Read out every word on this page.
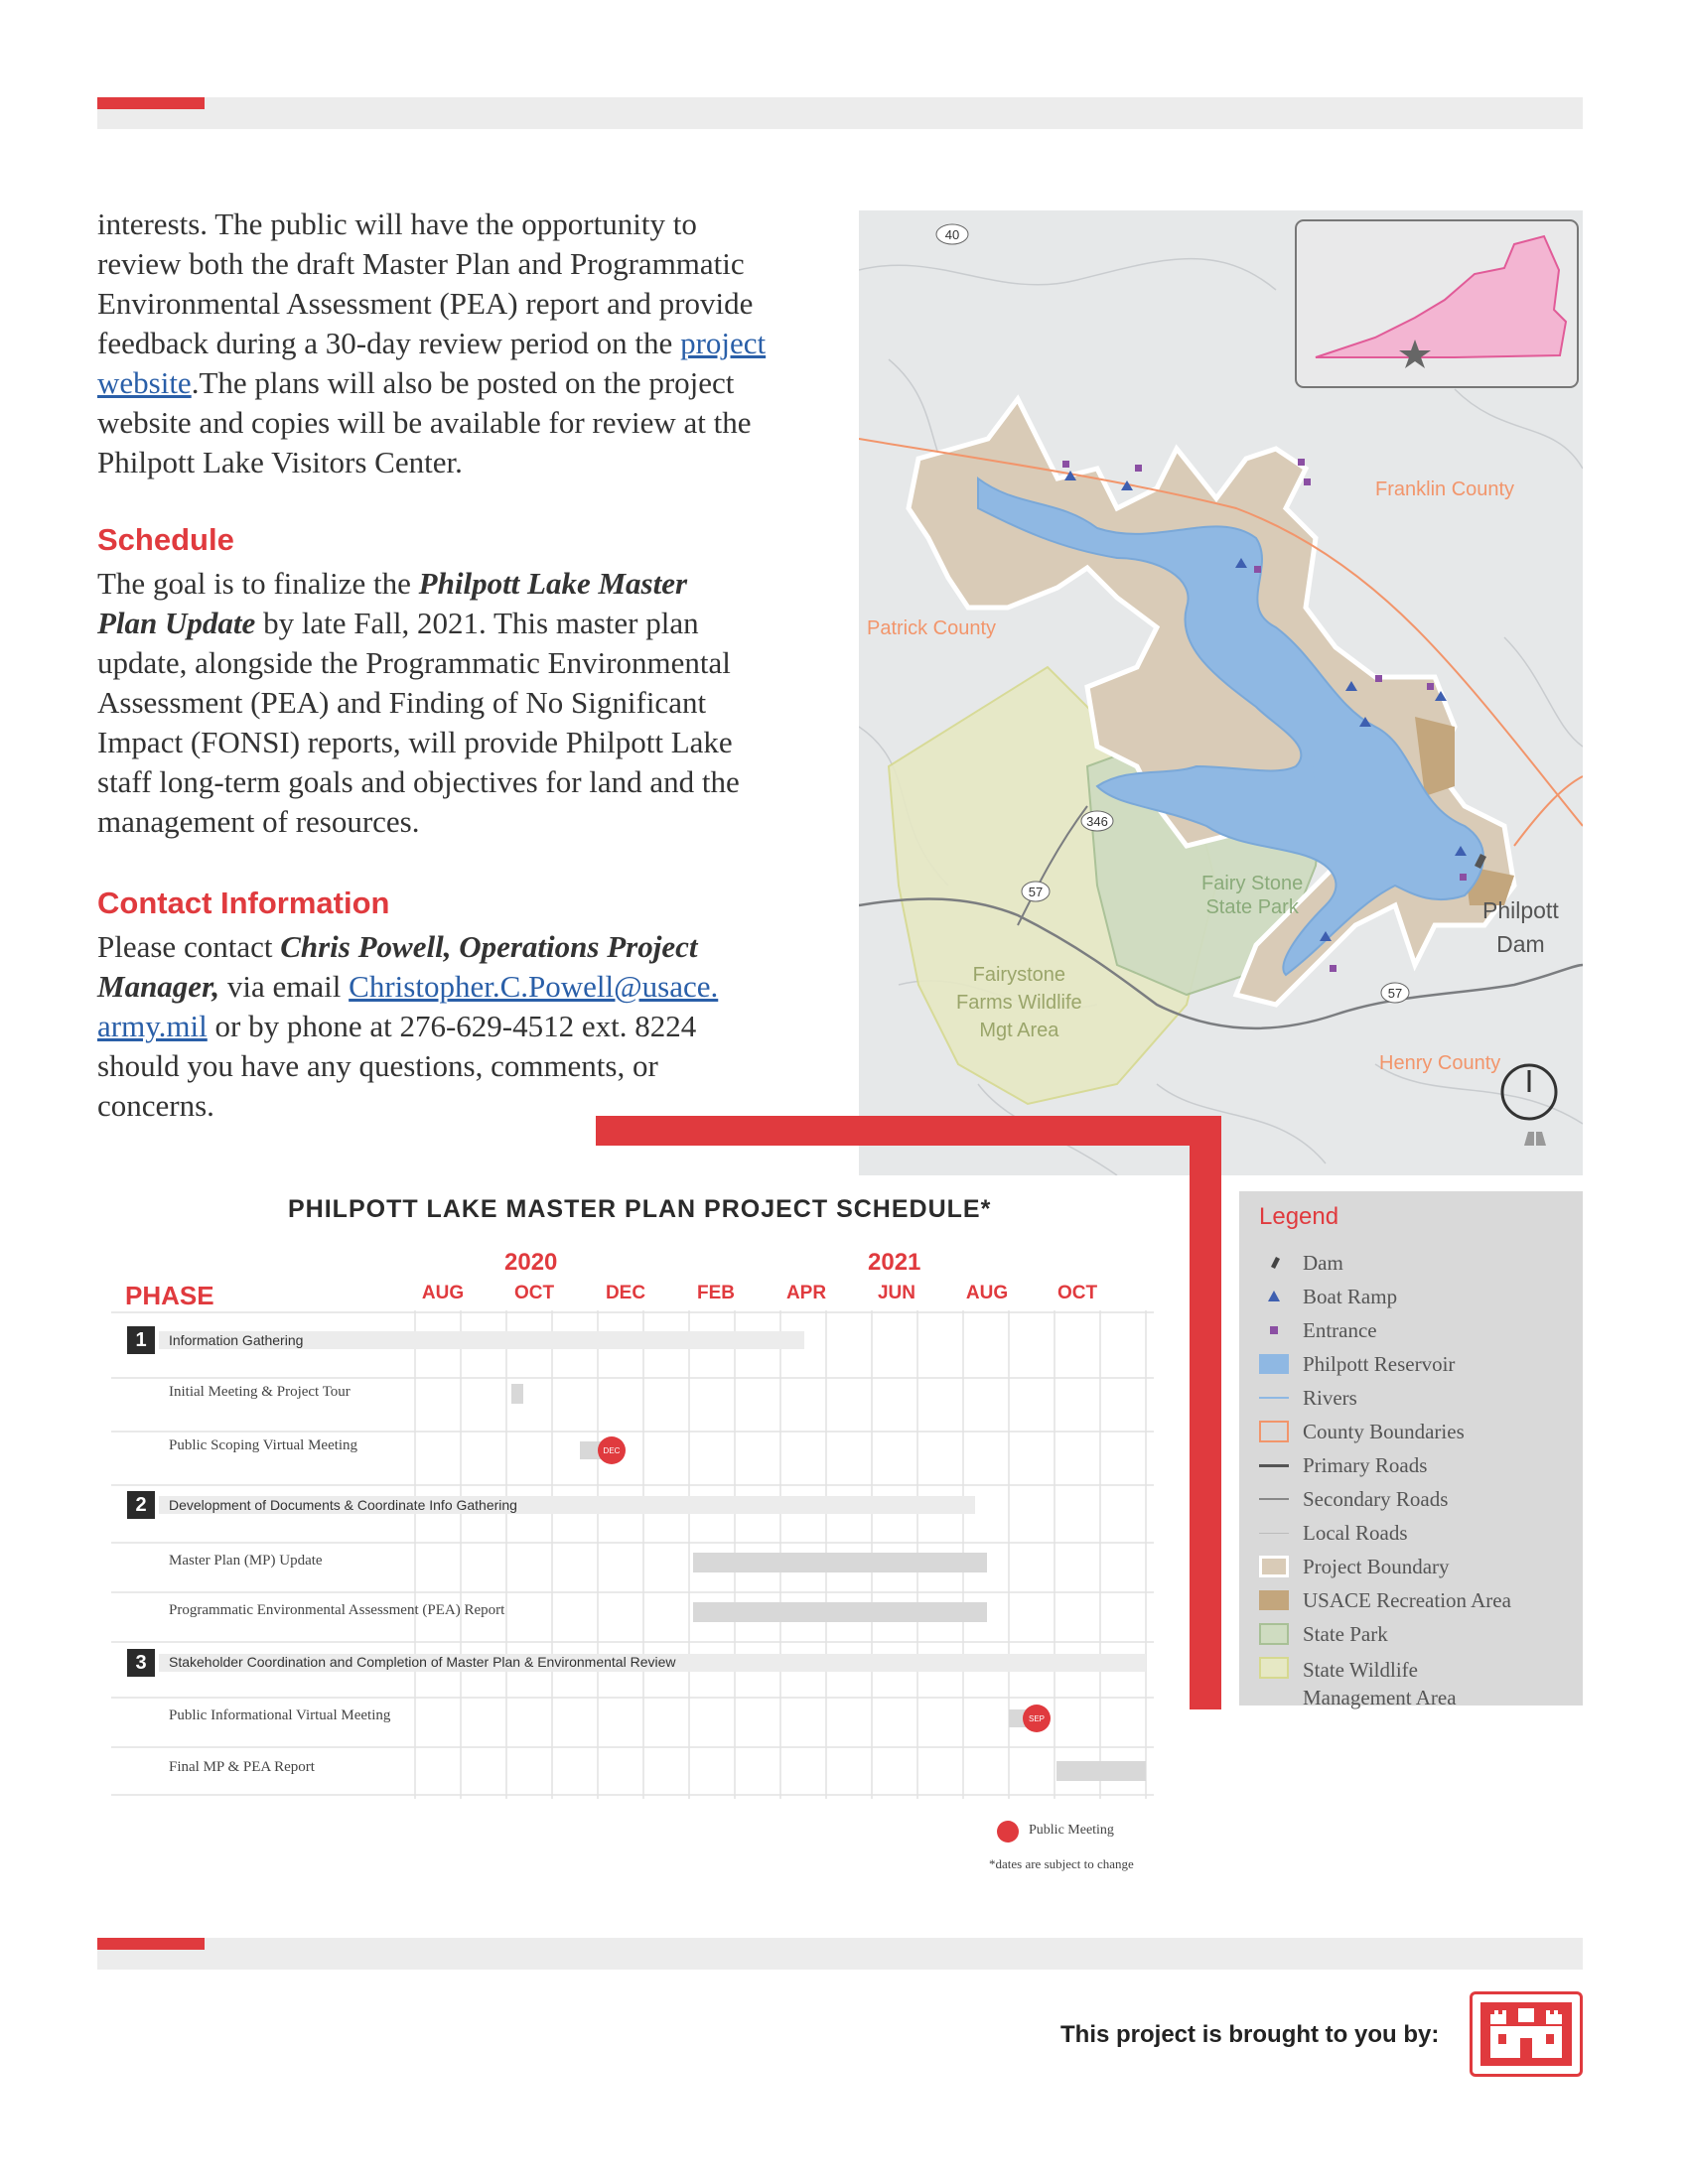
interests. The public will have the opportunity to
review both the draft Master Plan and Programmatic
Environmental Assessment (PEA) report and provide
feedback during a 30-day review period on the project
website.The plans will also be posted on the project
website and copies will be available for review at the
Philpott Lake Visitors Center.
Schedule
The goal is to finalize the Philpott Lake Master
Plan Update by late Fall, 2021. This master plan
update, alongside the Programmatic Environmental
Assessment (PEA) and Finding of No Significant
Impact (FONSI) reports, will provide Philpott Lake
staff long-term goals and objectives for land and the
management of resources.
Contact Information
Please contact Chris Powell, Operations Project
Manager, via email Christopher.C.Powell@usace.
army.mil or by phone at 276-629-4512 ext. 8224
should you have any questions, comments, or
concerns.
40
346
57
57
Franklin County
Patrick County
Henry County
Fairy Stone
State Park
Fairystone
Farms Wildlife
Mgt Area
Philpott
Dam
Legend
Dam
Boat Ramp
Entrance
Philpott Reservoir
Rivers
County Boundaries
Primary Roads
Secondary Roads
Local Roads
Project Boundary
USACE Recreation Area
State Park
State Wildlife
Management Area
PHILPOTT LAKE MASTER PLAN PROJECT SCHEDULE*
2020	2021
PHASE	AUG	OCT	DEC	FEB	APR	JUN	AUG	OCT
1	Information Gathering
Initial Meeting & Project Tour
Public Scoping Virtual Meeting	DEC
2	Development of Documents & Coordinate Info Gathering
Master Plan (MP) Update
Programmatic Environmental Assessment (PEA) Report
3	Stakeholder Coordination and Completion of Master Plan & Environmental Review
Public Informational Virtual Meeting	SEP
Final MP & PEA Report
Public Meeting
*dates are subject to change
This project is brought to you by:
